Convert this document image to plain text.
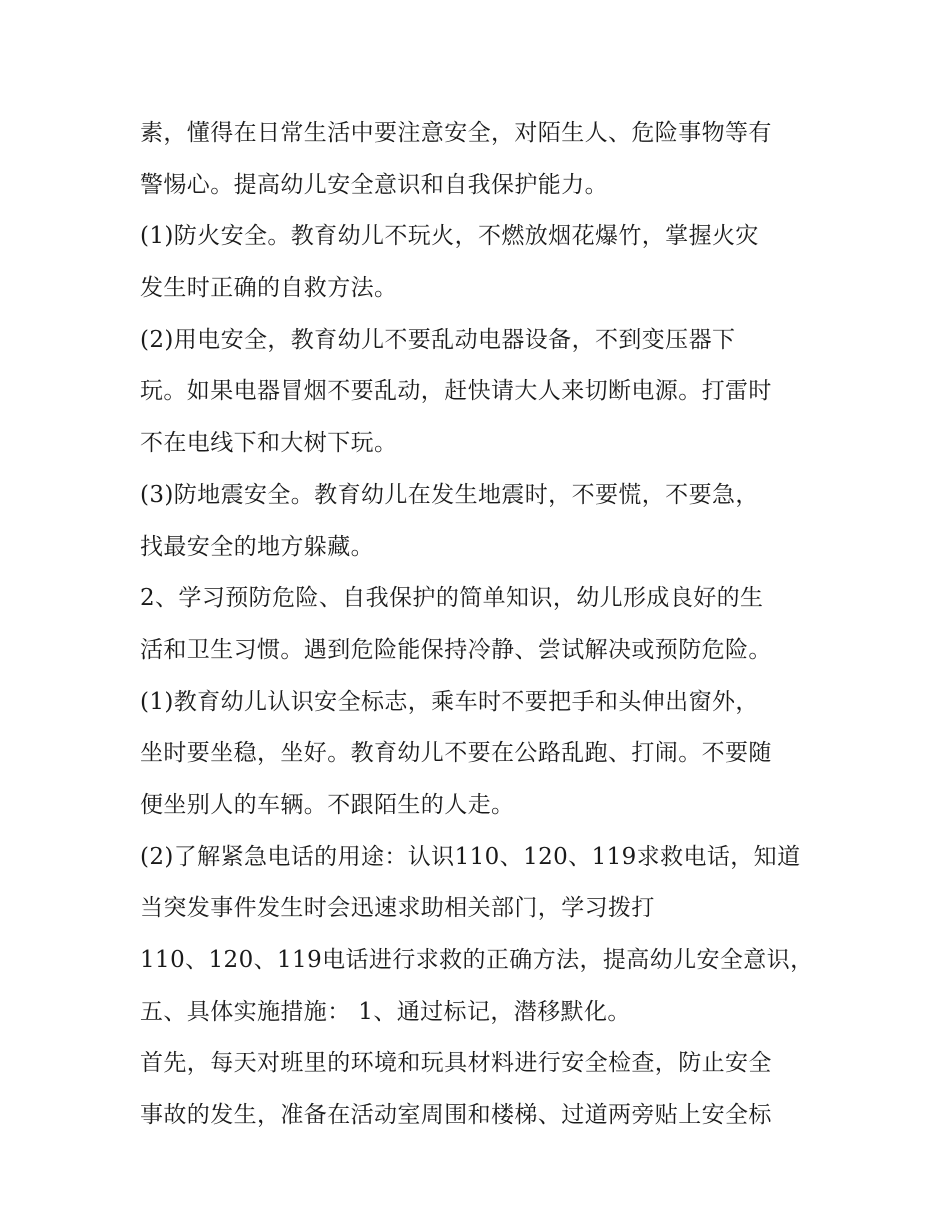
素，懂得在日常生活中要注意安全，对陌生人、危险事物等有
警惕心。提高幼儿安全意识和自我保护能力。
(1)防火安全。教育幼儿不玩火，不燃放烟花爆竹，掌握火灾
发生时正确的自救方法。
(2)用电安全，教育幼儿不要乱动电器设备，不到变压器下
玩。如果电器冒烟不要乱动，赶快请大人来切断电源。打雷时
不在电线下和大树下玩。
(3)防地震安全。教育幼儿在发生地震时，不要慌，不要急，
找最安全的地方躲藏。
2、学习预防危险、自我保护的简单知识，幼儿形成良好的生
活和卫生习惯。遇到危险能保持冷静、尝试解决或预防危险。
(1)教育幼儿认识安全标志，乘车时不要把手和头伸出窗外，
坐时要坐稳，坐好。教育幼儿不要在公路乱跑、打闹。不要随
便坐别人的车辆。不跟陌生的人走。
(2)了解紧急电话的用途：认识110、120、119求救电话，知道
当突发事件发生时会迅速求助相关部门，学习拨打
110、120、119电话进行求救的正确方法，提高幼儿安全意识，
五、具体实施措施： 1、通过标记，潜移默化。
首先，每天对班里的环境和玩具材料进行安全检查，防止安全
事故的发生，准备在活动室周围和楼梯、过道两旁贴上安全标
